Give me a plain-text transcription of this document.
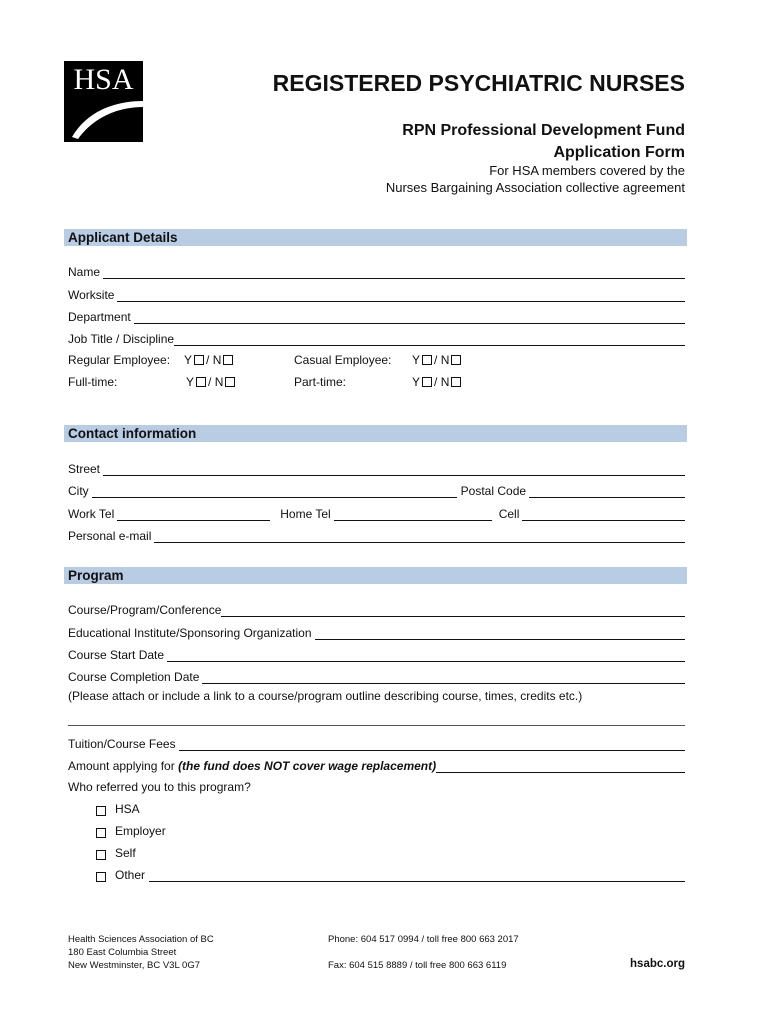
HSA	REGISTERED PSYCHIATRIC NURSES
RPN Professional Development Fund
Application Form
For HSA members covered by the
Nurses Bargaining Association collective agreement
Applicant Details
Name
Worksite
Department
Job Title / Discipline
Regular Employee: Y / N	Casual Employee: Y / N
Full-time:	Y / N	Part-time:	Y / N
Contact information
Street
City	Postal Code
Work Tel	Home Tel	Cell
Personal e-mail
Program
Course/Program/Conference
Educational Institute/Sponsoring Organization
Course Start Date
Course Completion Date
(Please attach or include a link to a course/program outline describing course, times, credits etc.)
Tuition/Course Fees
Amount applying for (the fund does NOT cover wage replacement)
Who referred you to this program?
HSA
Employer
Self
Other
Health Sciences Association of BC
180 East Columbia Street
New Westminster, BC V3L 0G7
Phone: 604 517 0994 / toll free 800 663 2017
Fax: 604 515 8889 / toll free 800 663 6119	hsabc.org
